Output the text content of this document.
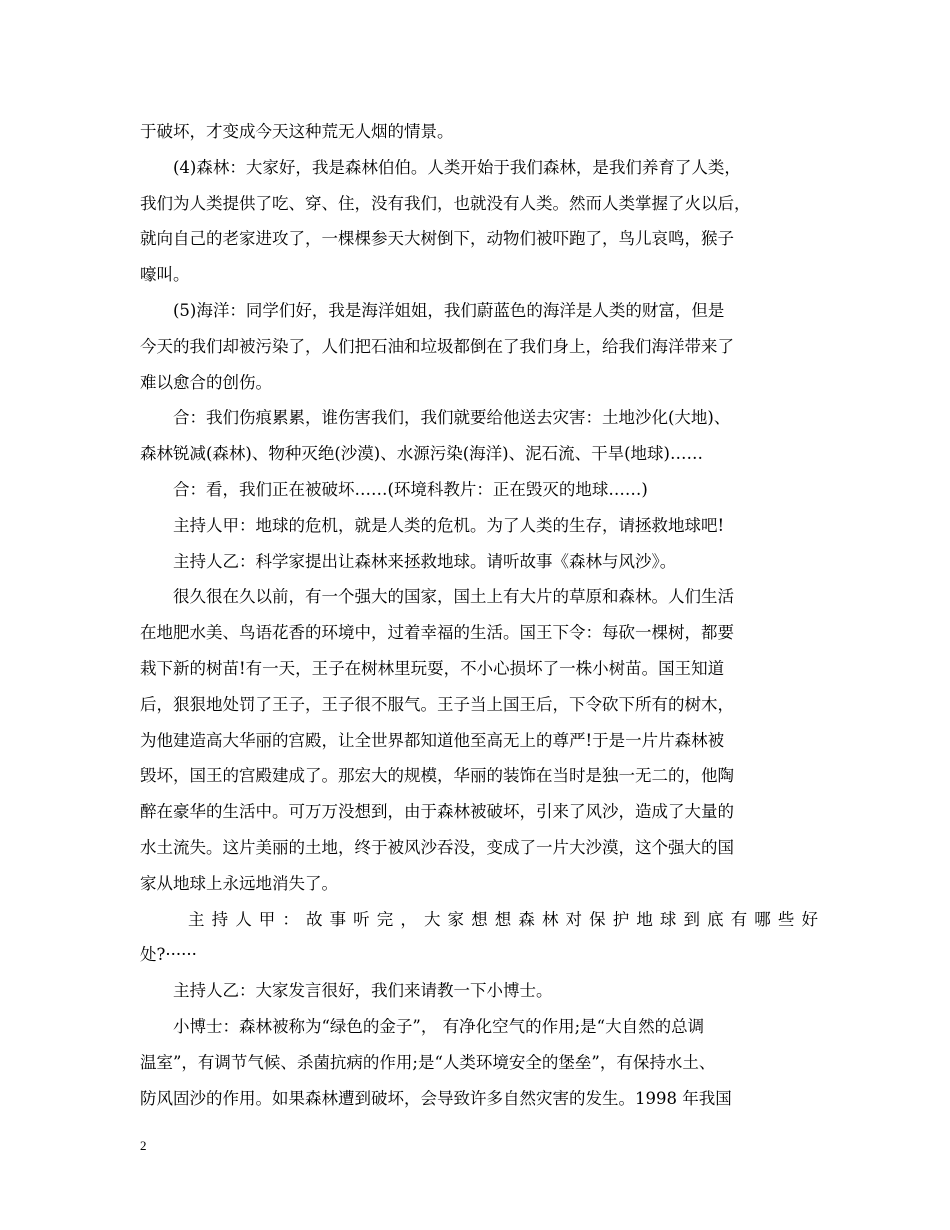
于破坏，才变成今天这种荒无人烟的情景。
(4)森林：大家好，我是森林伯伯。人类开始于我们森林，是我们养育了人类，
我们为人类提供了吃、穿、住，没有我们，也就没有人类。然而人类掌握了火以后，
就向自己的老家进攻了，一棵棵参天大树倒下，动物们被吓跑了，鸟儿哀鸣，猴子
嚎叫。
(5)海洋：同学们好，我是海洋姐姐，我们蔚蓝色的海洋是人类的财富，但是
今天的我们却被污染了，人们把石油和垃圾都倒在了我们身上，给我们海洋带来了
难以愈合的创伤。
合：我们伤痕累累，谁伤害我们，我们就要给他送去灾害：土地沙化(大地)、
森林锐减(森林)、物种灭绝(沙漠)、水源污染(海洋)、泥石流、干旱(地球)……
合：看，我们正在被破坏……(环境科教片：正在毁灭的地球……)
主持人甲：地球的危机，就是人类的危机。为了人类的生存，请拯救地球吧!
主持人乙：科学家提出让森林来拯救地球。请听故事《森林与风沙》。
很久很在久以前，有一个强大的国家，国土上有大片的草原和森林。人们生活
在地肥水美、鸟语花香的环境中，过着幸福的生活。国王下令：每砍一棵树，都要
栽下新的树苗!有一天，王子在树林里玩耍，不小心损坏了一株小树苗。国王知道
后，狠狠地处罚了王子，王子很不服气。王子当上国王后，下令砍下所有的树木，
为他建造高大华丽的宫殿，让全世界都知道他至高无上的尊严!于是一片片森林被
毁坏，国王的宫殿建成了。那宏大的规模，华丽的装饰在当时是独一无二的，他陶
醉在豪华的生活中。可万万没想到，由于森林被破坏，引来了风沙，造成了大量的
水土流失。这片美丽的土地，终于被风沙吞没，变成了一片大沙漠，这个强大的国
家从地球上永远地消失了。
主持人甲：故事听完，大家想想森林对保护地球到底有哪些好
处?······
主持人乙：大家发言很好，我们来请教一下小博士。
小博士：森林被称为“绿色的金子”， 有净化空气的作用;是“大自然的总调
温室”，有调节气候、杀菌抗病的作用;是“人类环境安全的堡垒”，有保持水土、
防风固沙的作用。如果森林遭到破坏，会导致许多自然灾害的发生。1998 年我国
2
